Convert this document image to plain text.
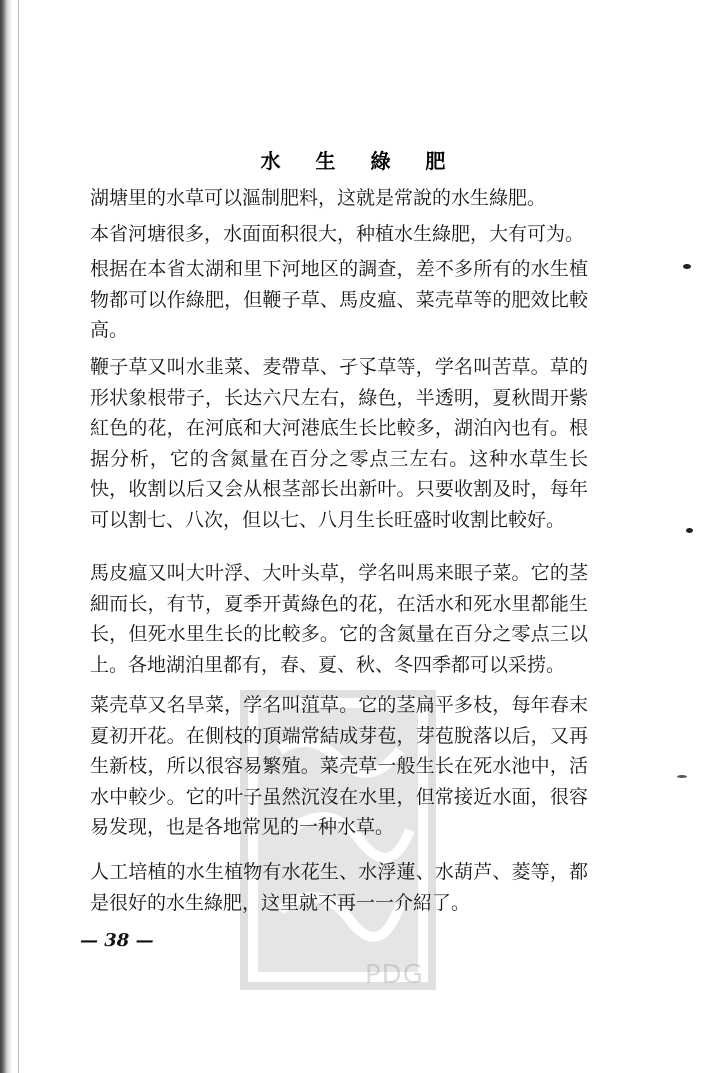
PDG
水 生 綠 肥

湖塘里的水草可以漚制肥料，这就是常說的水生綠肥。

本省河塘很多，水面面积很大，种植水生綠肥，大有可为。

根据在本省太湖和里下河地区的調查，差不多所有的水生植物都可以作綠肥，但鞭子草、馬皮瘟、菜壳草等的肥效比較高。

鞭子草又叫水韭菜、麦帶草、孑孓草等，学名叫苦草。草的形状象根带子，长达六尺左右，綠色，半透明，夏秋間开紫紅色的花，在河底和大河港底生长比較多，湖泊內也有。根据分析，它的含氮量在百分之零点三左右。这种水草生长快，收割以后又会从根茎部长出新叶。只要收割及时，每年可以割七、八次，但以七、八月生长旺盛时收割比較好。

馬皮瘟又叫大叶浮、大叶头草，学名叫馬来眼子菜。它的茎細而长，有节，夏季开黃綠色的花，在活水和死水里都能生长，但死水里生长的比較多。它的含氮量在百分之零点三以上。各地湖泊里都有，春、夏、秋、冬四季都可以采捞。

菜壳草又名旱菜，学名叫菹草。它的茎扁平多枝，每年春末夏初开花。在側枝的頂端常結成芽苞，芽苞脫落以后，又再生新枝，所以很容易繁殖。菜壳草一般生长在死水池中，活水中較少。它的叶子虽然沉沒在水里，但常接近水面，很容易发现，也是各地常见的一种水草。

人工培植的水生植物有水花生、水浮蓮、水葫芦、菱等，都是很好的水生綠肥，这里就不再一一介紹了。

— 38 —
